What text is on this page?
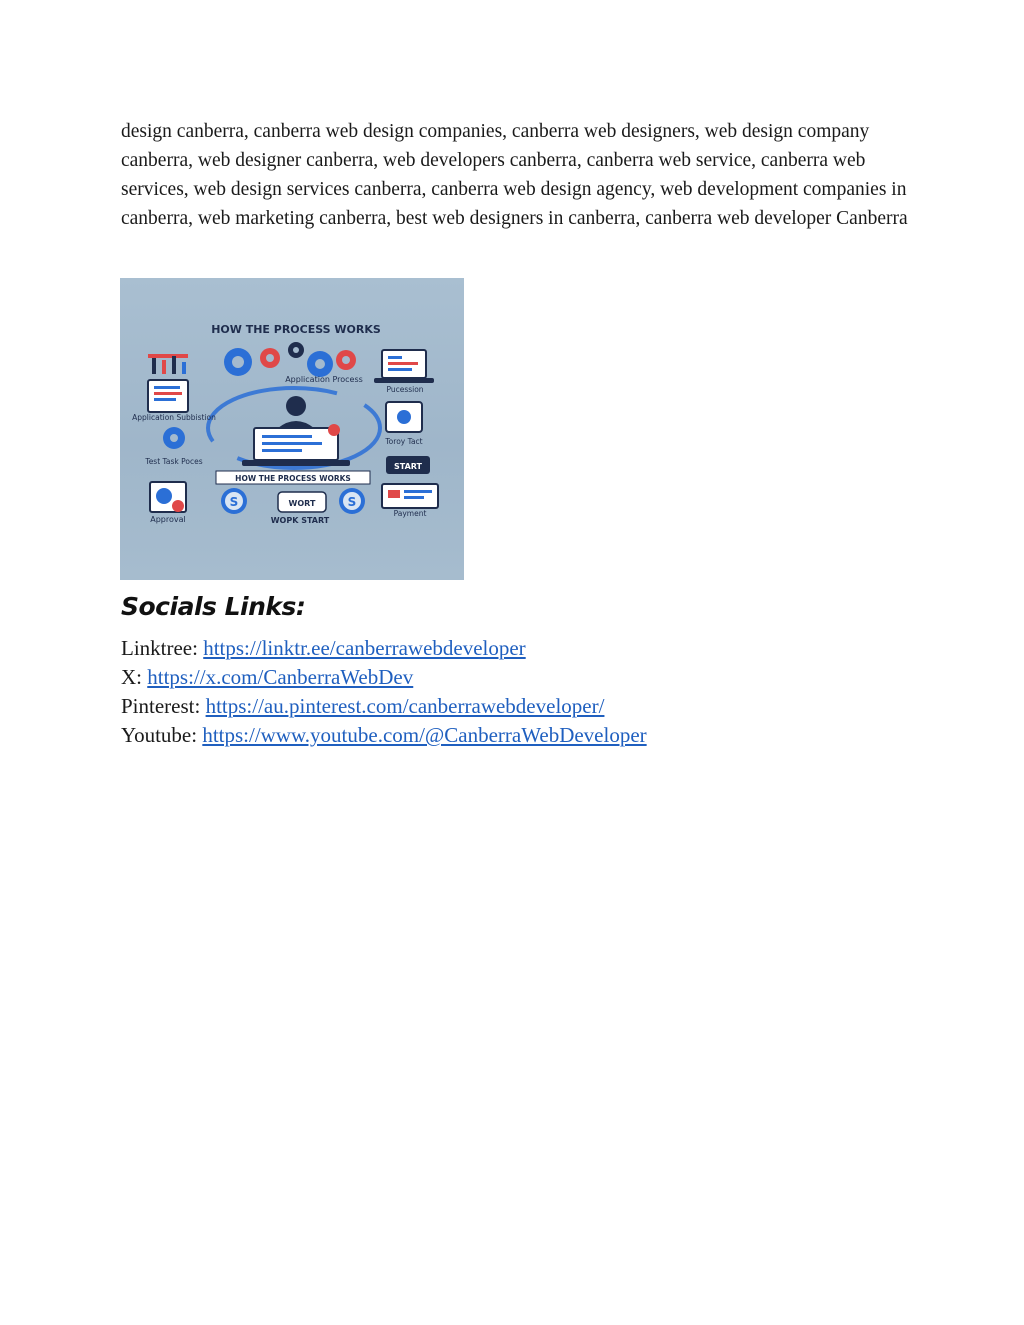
design canberra, canberra web design companies, canberra web designers, web design company canberra, web designer canberra, web developers canberra, canberra web service, canberra web services, web design services canberra, canberra web design agency, web development companies in canberra, web marketing canberra, best web designers in canberra, canberra web developer Canberra

HOW THE PROCESS WORKS
Application Process
Pucession
Application Subbistion
Toroy Tact
Test Task Poces
START
HOW THE PROCESS WORKS
Approval
S	WORT	S
WOPK START
Payment
Socials Links:
Linktree: https://linktr.ee/canberrawebdeveloper
X: https://x.com/CanberraWebDev
Pinterest: https://au.pinterest.com/canberrawebdeveloper/
Youtube: https://www.youtube.com/@CanberraWebDeveloper
